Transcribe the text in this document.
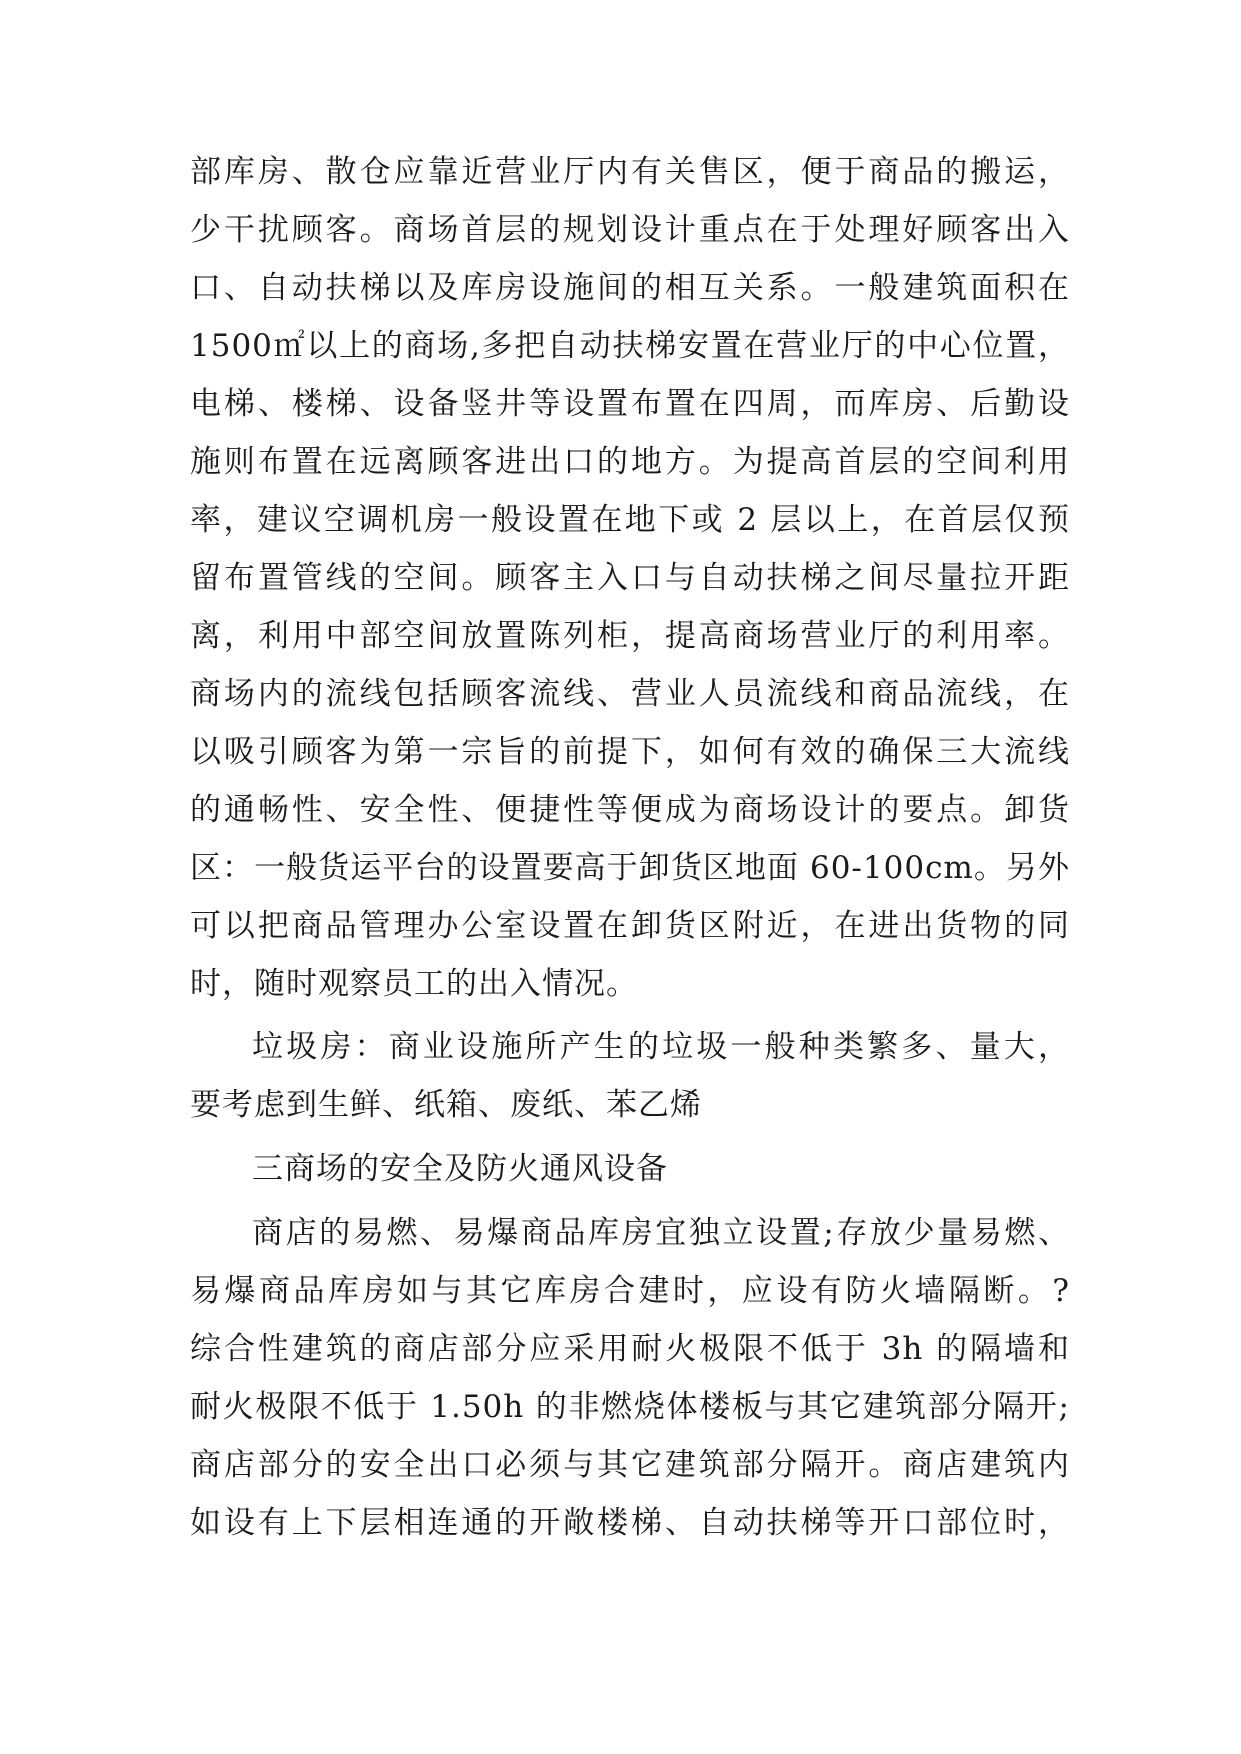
部库房、散仓应靠近营业厅内有关售区，便于商品的搬运，
少干扰顾客。商场首层的规划设计重点在于处理好顾客出入
口、自动扶梯以及库房设施间的相互关系。一般建筑面积在
1500㎡以上的商场,多把自动扶梯安置在营业厅的中心位置，
电梯、楼梯、设备竖井等设置布置在四周，而库房、后勤设
施则布置在远离顾客进出口的地方。为提高首层的空间利用
率，建议空调机房一般设置在地下或 2 层以上，在首层仅预
留布置管线的空间。顾客主入口与自动扶梯之间尽量拉开距
离，利用中部空间放置陈列柜，提高商场营业厅的利用率。
商场内的流线包括顾客流线、营业人员流线和商品流线，在
以吸引顾客为第一宗旨的前提下，如何有效的确保三大流线
的通畅性、安全性、便捷性等便成为商场设计的要点。卸货
区：一般货运平台的设置要高于卸货区地面 60-100cm。另外
可以把商品管理办公室设置在卸货区附近，在进出货物的同
时，随时观察员工的出入情况。
垃圾房：商业设施所产生的垃圾一般种类繁多、量大，
要考虑到生鲜、纸箱、废纸、苯乙烯
三商场的安全及防火通风设备
商店的易燃、易爆商品库房宜独立设置;存放少量易燃、
易爆商品库房如与其它库房合建时，应设有防火墙隔断。?
综合性建筑的商店部分应采用耐火极限不低于 3h 的隔墙和
耐火极限不低于 1.50h 的非燃烧体楼板与其它建筑部分隔开;
商店部分的安全出口必须与其它建筑部分隔开。商店建筑内
如设有上下层相连通的开敞楼梯、自动扶梯等开口部位时，
